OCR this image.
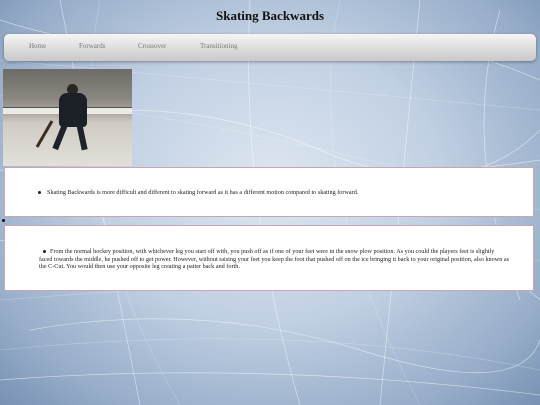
Skating Backwards
Home	Forwards	Crossover	Transitioning
Skating Backwards is more difficult and different to skating forward as it has a different motion compared to skating forward.
From the normal hockey position, with whichever leg you start off with, you push off as if one of your feet were in the snow plow position. As you could the players feet is slightly faced towards the middle, he pushed off to get power. However, without raising your feet you keep the foot that pushed off on the ice bringing it back to your original position, also known as the C-Cut. You would then use your opposite leg creating a patter back and forth.
